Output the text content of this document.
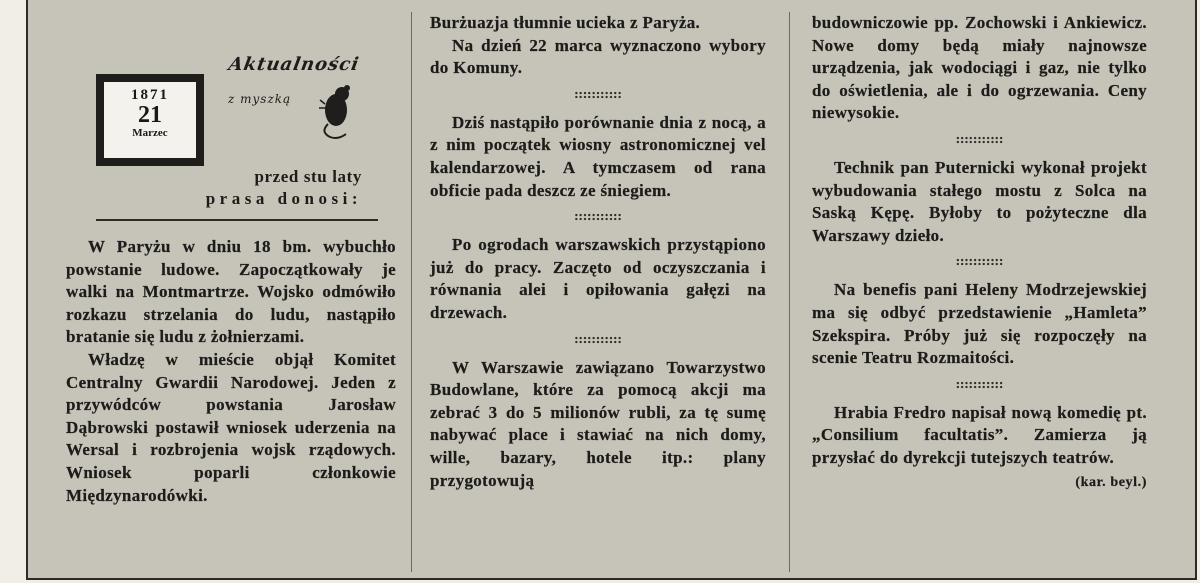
1871
21
Marzec
Aktualności
z myszką
przed stu laty
prasa donosi:

W Paryżu w dniu 18 bm. wybuchło powstanie ludowe. Zapoczątkowały je walki na Montmartrze. Wojsko odmówiło rozkazu strzelania do ludu, nastąpiło bratanie się ludu z żołnierzami.

Władzę w mieście objął Komitet Centralny Gwardii Narodowej. Jeden z przywódców powstania Jarosław Dąbrowski postawił wniosek uderzenia na Wersal i rozbrojenia wojsk rządowych. Wniosek poparli członkowie Międzynarodówki.

Burżuazja tłumnie ucieka z Paryża.

Na dzień 22 marca wyznaczono wybory do Komuny.

:::::::::::

Dziś nastąpiło porównanie dnia z nocą, a z nim początek wiosny astronomicznej vel kalendarzowej. A tymczasem od rana obficie pada deszcz ze śniegiem.

:::::::::::

Po ogrodach warszawskich przystąpiono już do pracy. Zaczęto od oczyszczania i równania alei i opiłowania gałęzi na drzewach.

:::::::::::

W Warszawie zawiązano Towarzystwo Budowlane, które za pomocą akcji ma zebrać 3 do 5 milionów rubli, za tę sumę nabywać place i stawiać na nich domy, wille, bazary, hotele itp.: plany przygotowują

budowniczowie pp. Zochowski i Ankiewicz. Nowe domy będą miały najnowsze urządzenia, jak wodociągi i gaz, nie tylko do oświetlenia, ale i do ogrzewania. Ceny niewysokie.

:::::::::::

Technik pan Puternicki wykonał projekt wybudowania stałego mostu z Solca na Saską Kępę. Byłoby to pożyteczne dla Warszawy dzieło.

:::::::::::

Na benefis pani Heleny Modrzejewskiej ma się odbyć przedstawienie „Hamleta” Szekspira. Próby już się rozpoczęły na scenie Teatru Rozmaitości.

:::::::::::

Hrabia Fredro napisał nową komedię pt. „Consilium facultatis”. Zamierza ją przysłać do dyrekcji tutejszych teatrów.

(kar. beyl.)
